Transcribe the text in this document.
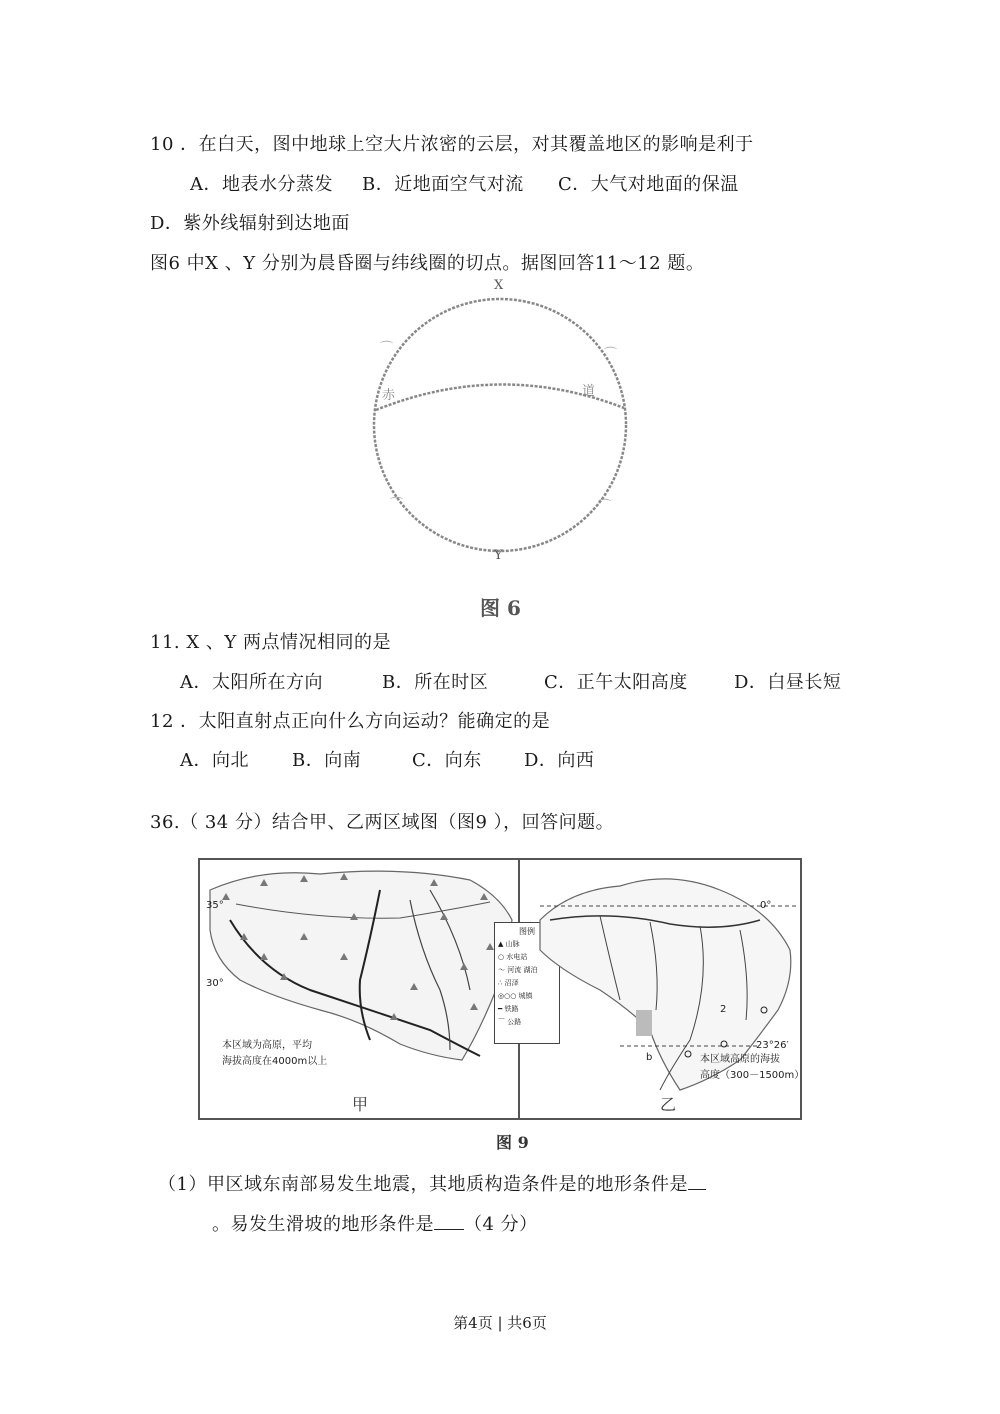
10 ．在白天，图中地球上空大片浓密的云层，对其覆盖地区的影响是利于
A．地表水分蒸发 B．近地面空气对流 C．大气对地面的保温
D．紫外线辐射到达地面
图6 中X 、Y 分别为晨昏圈与纬线圈的切点。据图回答11～12 题。
⌒	⌒
⌒	⌒
X
Y
赤	道
图 6
11. X 、Y 两点情况相同的是
A．太阳所在方向	B．所在时区	C．正午太阳高度	D．白昼长短
12 ．太阳直射点正向什么方向运动？能确定的是
A．向北 B．向南	C．向东 D．向西
36.（ 34 分）结合甲、乙两区域图（图9 ），回答问题。
35°
30°
本区域为高原，平均
海拔高度在4000m以上
甲
图例
▲ 山脉
○ 水电站
〜 河流 湖泊
∴ 沼泽
◎○○ 城镇
━ 铁路
⌒ 公路
0°
23°26′
2
b	本区域高原的海拔
高度（300－1500m）
乙
图 9
（1）甲区域东南部易发生地震，其地质构造条件是的地形条件是
。易发生滑坡的地形条件是 （4 分）
第4页 | 共6页
